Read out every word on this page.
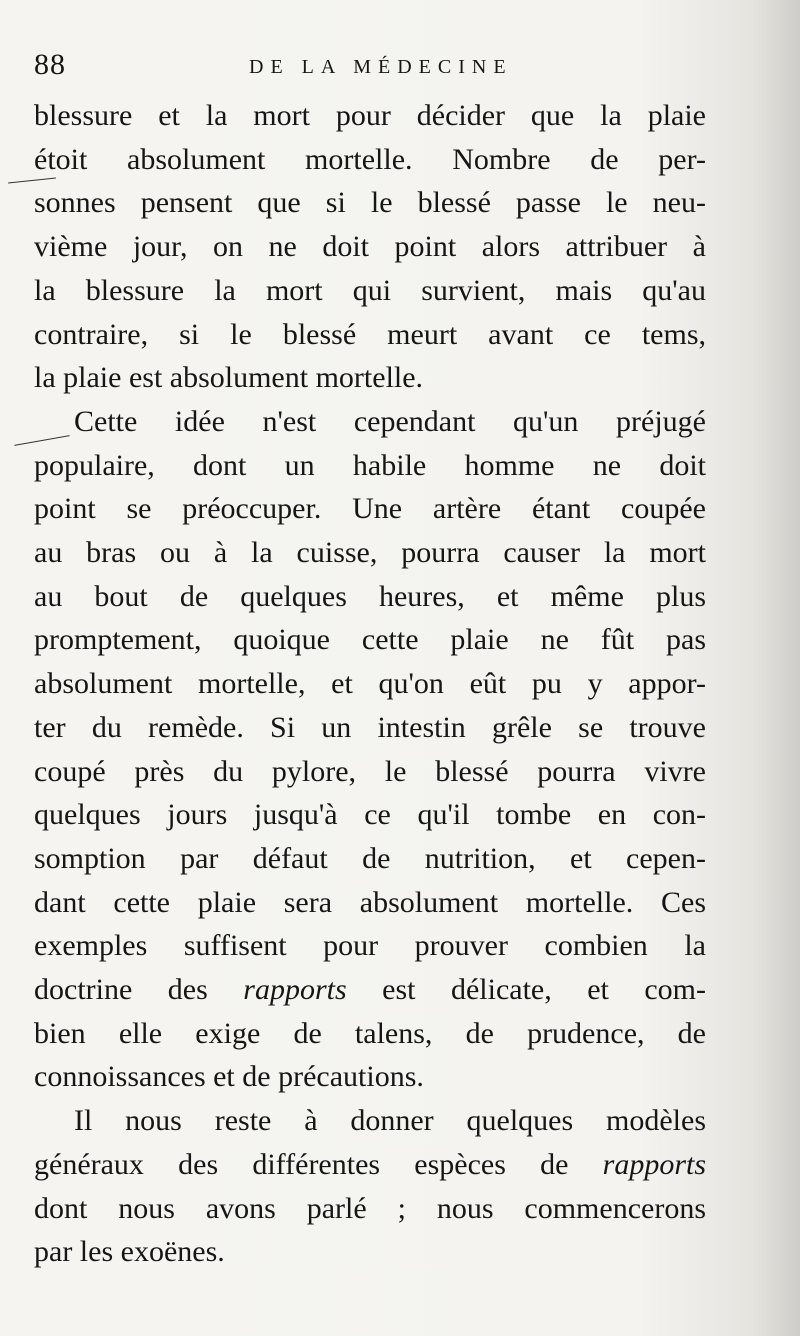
88	DE LA MÉDECINE

blessure et la mort pour décider que la plaie
étoit absolument mortelle. Nombre de per-
sonnes pensent que si le blessé passe le neu-
vième jour, on ne doit point alors attribuer à
la blessure la mort qui survient, mais qu'au
contraire, si le blessé meurt avant ce tems,
la plaie est absolument mortelle.

Cette idée n'est cependant qu'un préjugé
populaire, dont un habile homme ne doit
point se préoccuper. Une artère étant coupée
au bras ou à la cuisse, pourra causer la mort
au bout de quelques heures, et même plus
promptement, quoique cette plaie ne fût pas
absolument mortelle, et qu'on eût pu y appor-
ter du remède. Si un intestin grêle se trouve
coupé près du pylore, le blessé pourra vivre
quelques jours jusqu'à ce qu'il tombe en con-
somption par défaut de nutrition, et cepen-
dant cette plaie sera absolument mortelle. Ces
exemples suffisent pour prouver combien la
doctrine des rapports est délicate, et com-
bien elle exige de talens, de prudence, de
connoissances et de précautions.

Il nous reste à donner quelques modèles
généraux des différentes espèces de rapports
dont nous avons parlé ; nous commencerons
par les exoënes.
